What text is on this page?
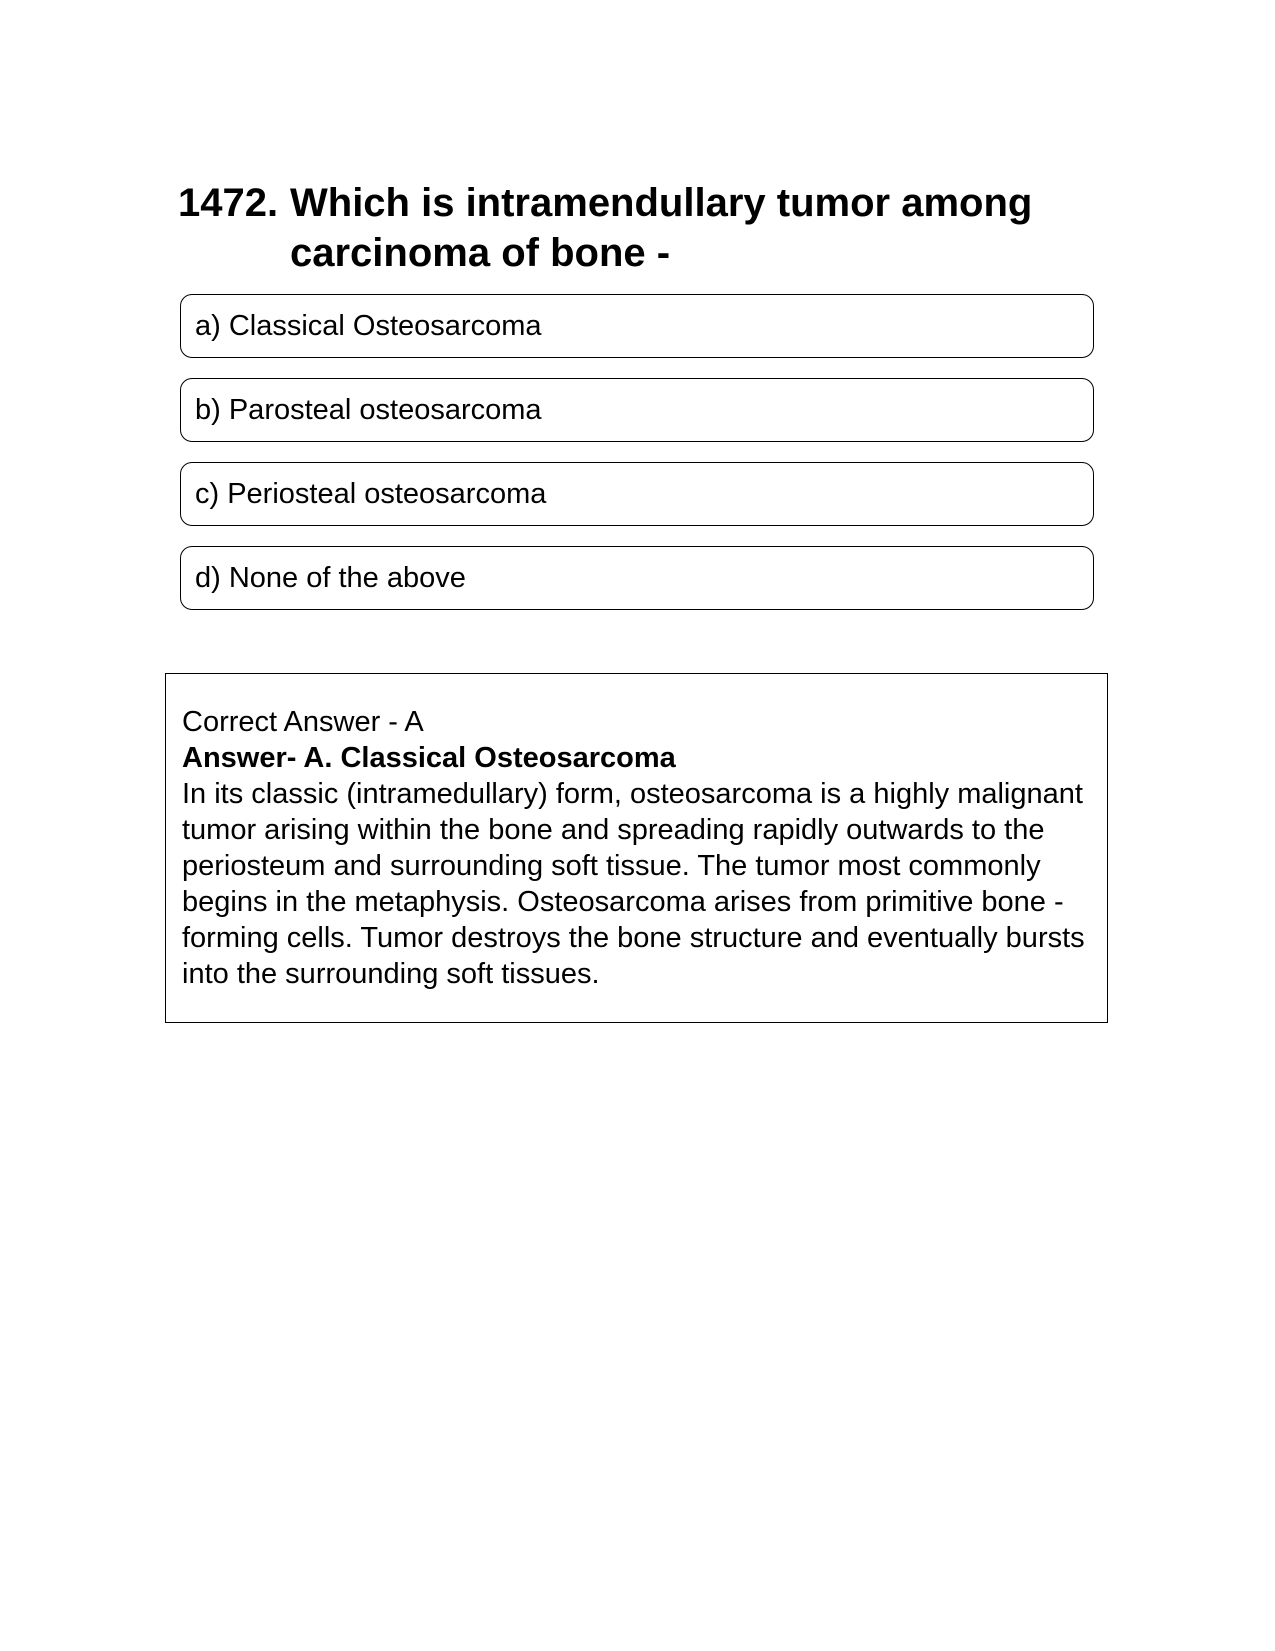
1472. Which is intramendullary tumor among carcinoma of bone -
a) Classical Osteosarcoma
b) Parosteal osteosarcoma
c) Periosteal osteosarcoma
d) None of the above
Correct Answer - A
Answer- A. Classical Osteosarcoma
In its classic (intramedullary) form, osteosarcoma is a highly malignant tumor arising within the bone and spreading rapidly outwards to the periosteum and surrounding soft tissue. The tumor most commonly begins in the metaphysis. Osteosarcoma arises from primitive bone - forming cells. Tumor destroys the bone structure and eventually bursts into the surrounding soft tissues.
